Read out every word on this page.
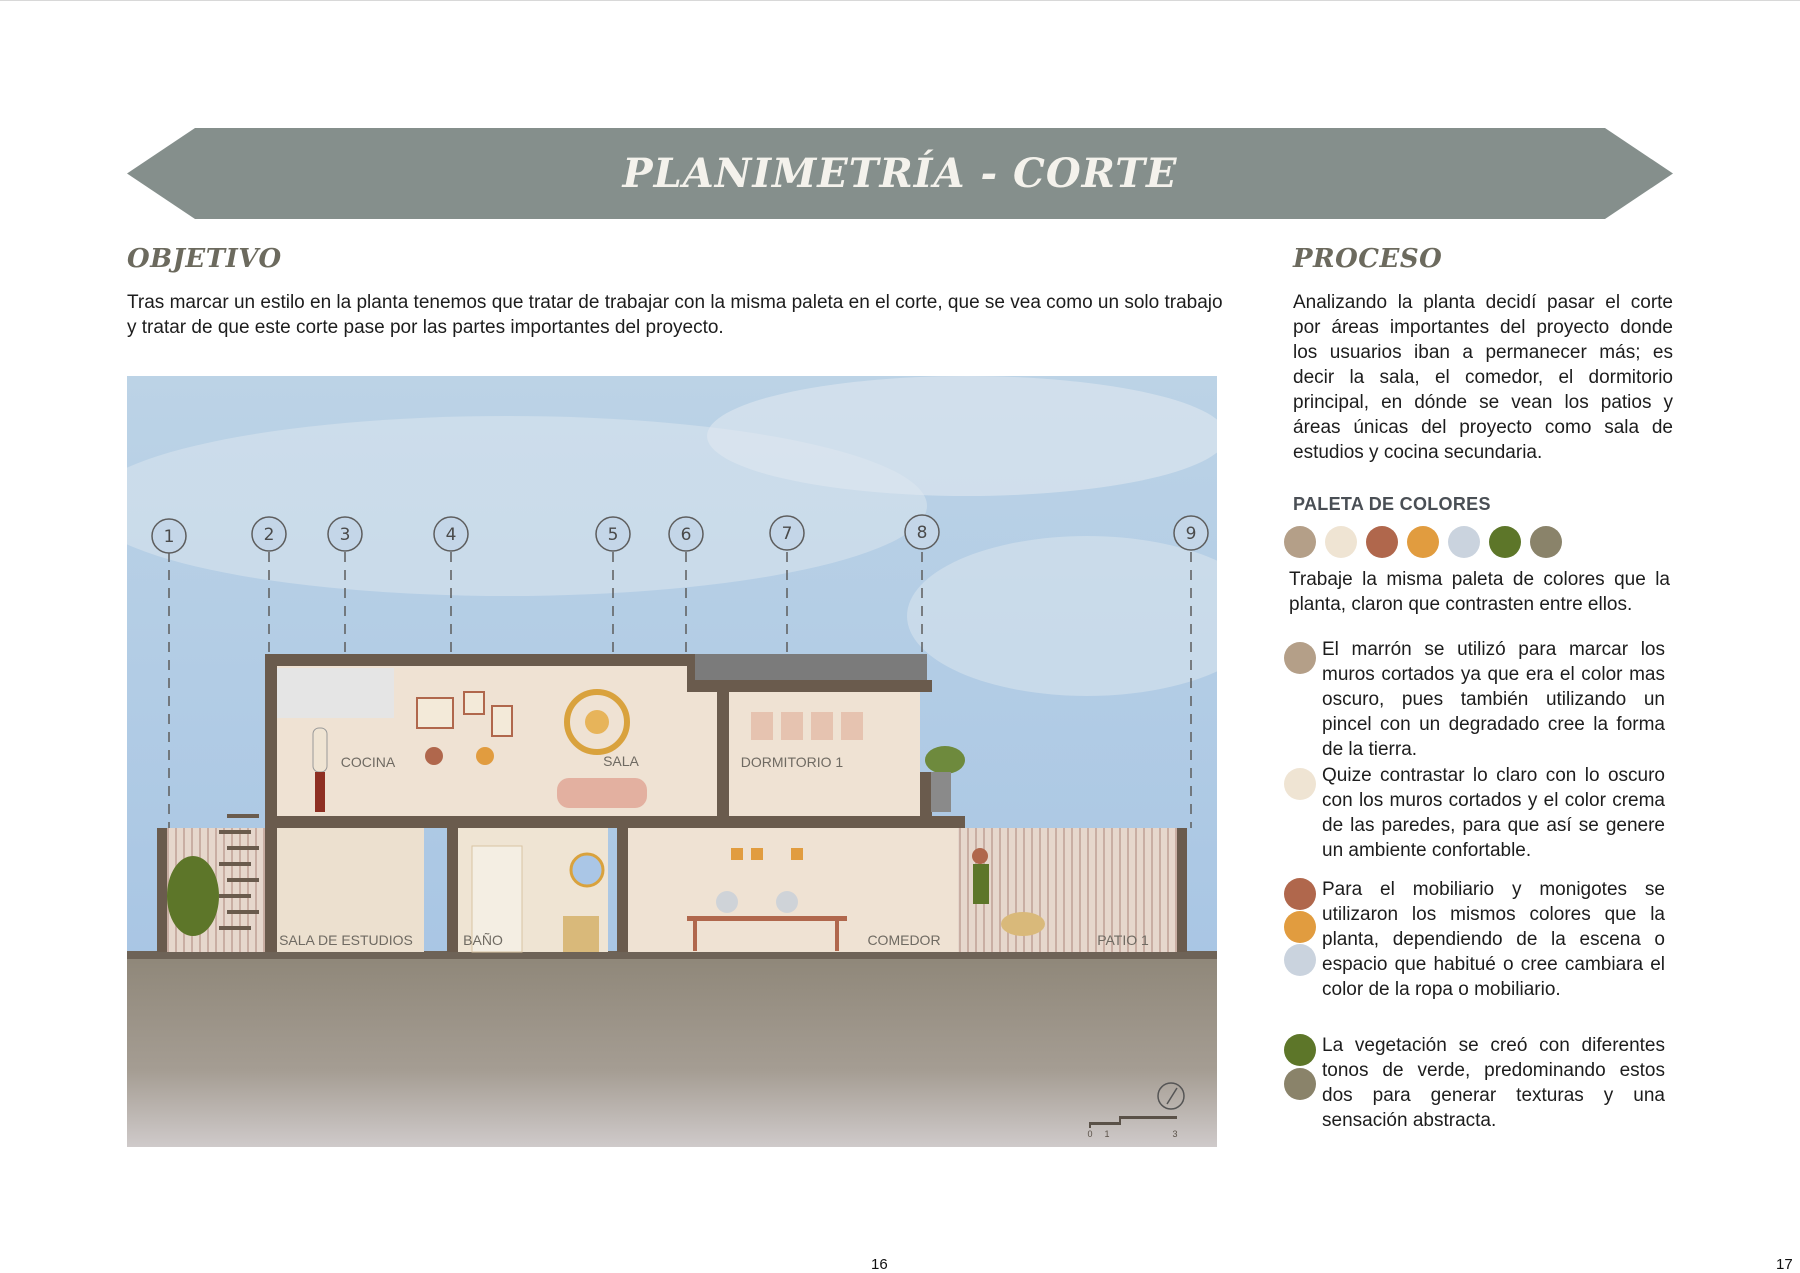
PLANIMETRÍA - CORTE
OBJETIVO
Tras marcar un estilo en la planta tenemos que tratar de trabajar con la misma paleta en el corte, que se vea como un solo trabajo
y tratar de que este corte pase por las partes importantes del proyecto.
1	2	3	4	5	6	7	8	9
COCINA	SALA	DORMITORIO 1
SALA DE ESTUDIOS	BAÑO	COMEDOR	PATIO 1
0 1	3
PROCESO
Analizando la planta decidí pasar el corte por áreas importantes del proyecto donde los usuarios iban a permanecer más; es decir la sala, el comedor, el dormitorio principal, en dónde se vean los patios y áreas únicas del proyecto como sala de estudios y cocina secundaria.
PALETA DE COLORES
Trabaje la misma paleta de colores que la planta, claron que contrasten entre ellos.
El marrón se utilizó para marcar los muros cortados ya que era el color mas oscuro, pues también utilizando un pincel con un degradado cree la forma de la tierra.
Quize contrastar lo claro con lo oscuro con los muros cortados y el color crema de las paredes, para que así se genere un ambiente confortable.
Para el mobiliario y monigotes se utilizaron los mismos colores que la planta, dependiendo de la escena o espacio que habitué o cree cambiara el color de la ropa o mobiliario.
La vegetación se creó con diferentes tonos de verde, predominando estos dos para generar texturas y una sensación abstracta.
16	17
